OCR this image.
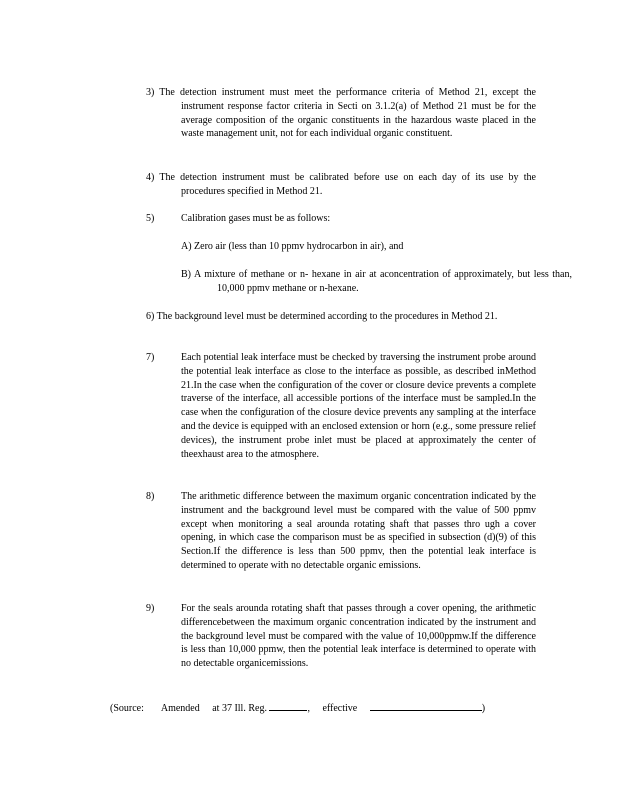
3) The detection instrument must meet the performance criteria of Method 21, except the instrument response factor criteria in Secti on 3.1.2(a) of Method 21 must be for the average composition of the organic constituents in the hazardous waste placed in the waste management unit, not for each individual organic constituent.
4) The detection instrument must be calibrated before use on each day of its use by the procedures specified in Method 21.
5)	Calibration gases must be as follows:
A) Zero air (less than 10 ppmv hydrocarbon in air), and
B) A mixture of methane or n- hexane in air at aconcentration of approximately, but less than, 10,000 ppmv methane or n-hexane.
6) The background level must be determined according to the procedures in Method 21.
7)	Each potential leak interface must be checked by traversing the instrument probe around the potential leak interface as close to the interface as possible, as described inMethod 21.In the case when the configuration of the cover or closure device prevents a complete traverse of the interface, all accessible portions of the interface must be sampled.In the case when the configuration of the closure device prevents any sampling at the interface and the device is equipped with an enclosed extension or horn (e.g., some pressure relief devices), the instrument probe inlet must be placed at approximately the center of theexhaust area to the atmosphere.
8)	The arithmetic difference between the maximum organic concentration indicated by the instrument and the background level must be compared with the value of 500 ppmv except when monitoring a seal arounda rotating shaft that passes thro ugh a cover opening, in which case the comparison must be as specified in subsection (d)(9) of this Section.If the difference is less than 500 ppmv, then the potential leak interface is determined to operate with no detectable organic emissions.
9)	For the seals arounda rotating shaft that passes through a cover opening, the arithmetic differencebetween the maximum organic concentration indicated by the instrument and the background level must be compared with the value of 10,000ppmw.If the difference is less than 10,000 ppmw, then the potential leak interface is determined to operate with no detectable organicemissions.
(Source: Amended at 37 Ill. Reg.	, effective	)
